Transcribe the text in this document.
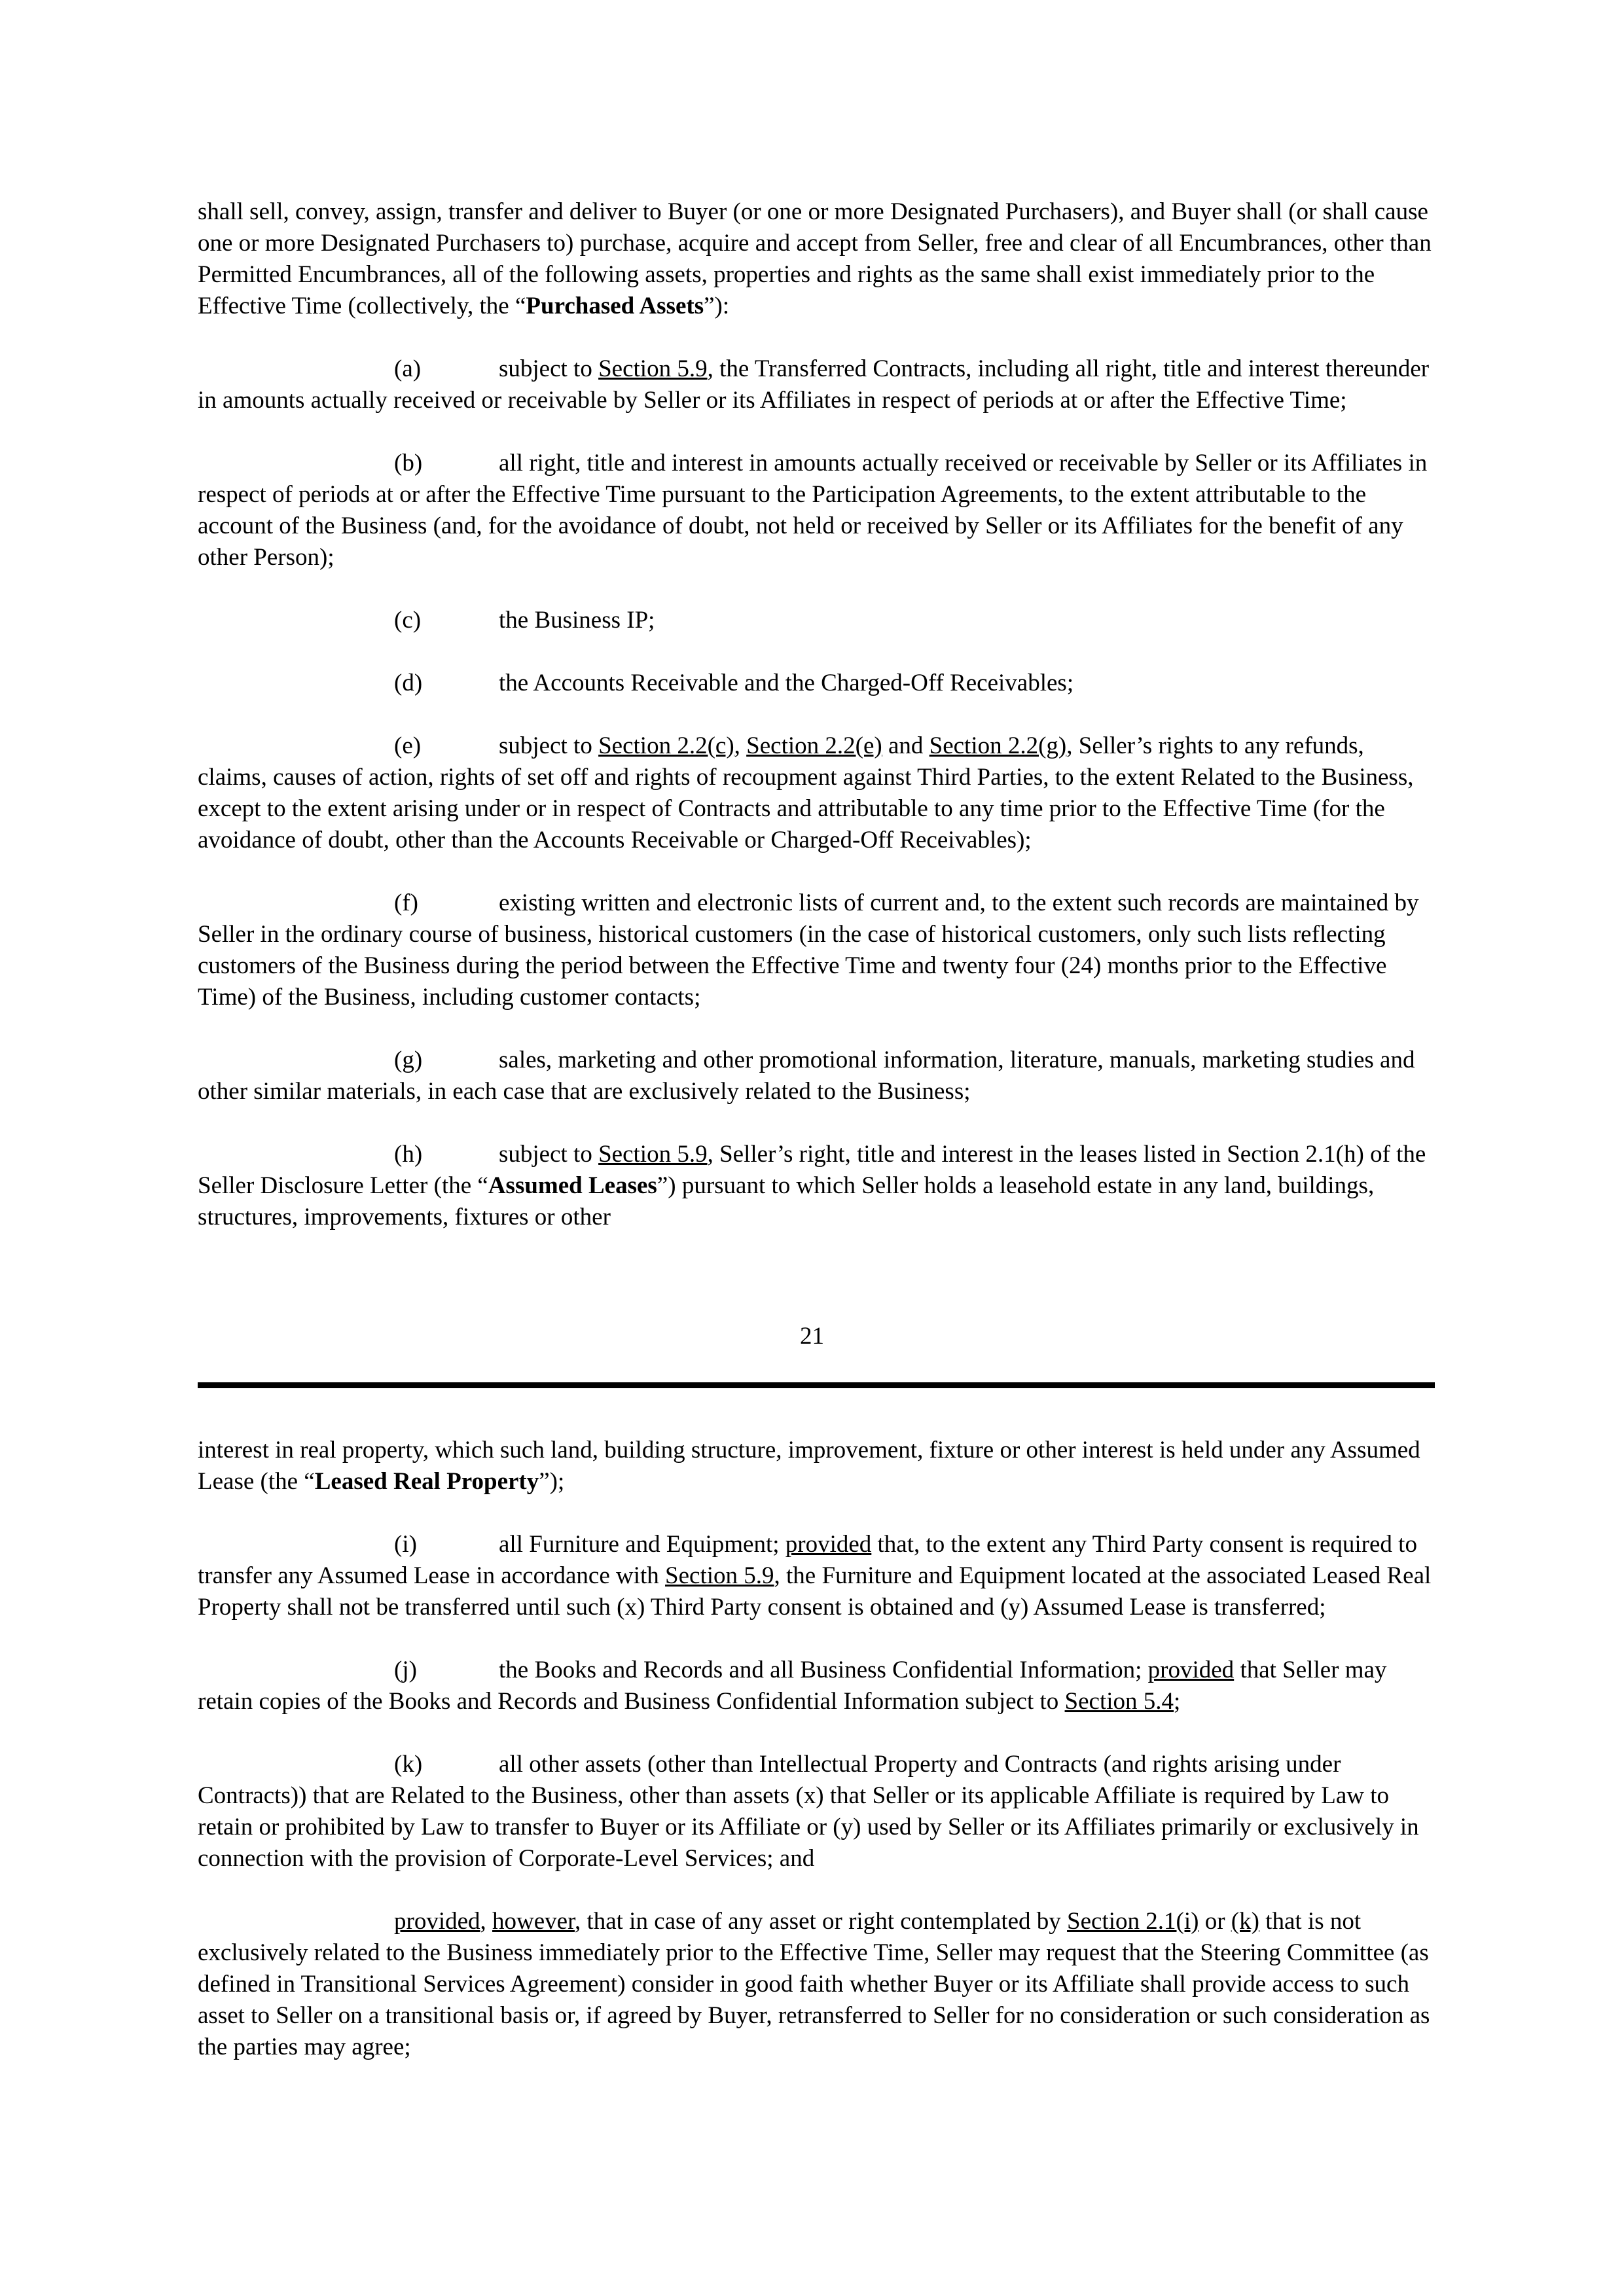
shall sell, convey, assign, transfer and deliver to Buyer (or one or more Designated Purchasers), and Buyer shall (or shall cause one or more Designated Purchasers to) purchase, acquire and accept from Seller, free and clear of all Encumbrances, other than Permitted Encumbrances, all of the following assets, properties and rights as the same shall exist immediately prior to the Effective Time (collectively, the “Purchased Assets”):

(a)	subject to Section 5.9, the Transferred Contracts, including all right, title and interest thereunder in amounts actually received or receivable by Seller or its Affiliates in respect of periods at or after the Effective Time;

(b)	all right, title and interest in amounts actually received or receivable by Seller or its Affiliates in respect of periods at or after the Effective Time pursuant to the Participation Agreements, to the extent attributable to the account of the Business (and, for the avoidance of doubt, not held or received by Seller or its Affiliates for the benefit of any other Person);

(c)	the Business IP;

(d)	the Accounts Receivable and the Charged-Off Receivables;

(e)	subject to Section 2.2(c), Section 2.2(e) and Section 2.2(g), Seller’s rights to any refunds, claims, causes of action, rights of set off and rights of recoupment against Third Parties, to the extent Related to the Business, except to the extent arising under or in respect of Contracts and attributable to any time prior to the Effective Time (for the avoidance of doubt, other than the Accounts Receivable or Charged-Off Receivables);

(f)	existing written and electronic lists of current and, to the extent such records are maintained by Seller in the ordinary course of business, historical customers (in the case of historical customers, only such lists reflecting customers of the Business during the period between the Effective Time and twenty four (24) months prior to the Effective Time) of the Business, including customer contacts;

(g)	sales, marketing and other promotional information, literature, manuals, marketing studies and other similar materials, in each case that are exclusively related to the Business;

(h)	subject to Section 5.9, Seller’s right, title and interest in the leases listed in Section 2.1(h) of the Seller Disclosure Letter (the “Assumed Leases”) pursuant to which Seller holds a leasehold estate in any land, buildings, structures, improvements, fixtures or other

21

interest in real property, which such land, building structure, improvement, fixture or other interest is held under any Assumed Lease (the “Leased Real Property”);

(i)	all Furniture and Equipment; provided that, to the extent any Third Party consent is required to transfer any Assumed Lease in accordance with Section 5.9, the Furniture and Equipment located at the associated Leased Real Property shall not be transferred until such (x) Third Party consent is obtained and (y) Assumed Lease is transferred;

(j)	the Books and Records and all Business Confidential Information; provided that Seller may retain copies of the Books and Records and Business Confidential Information subject to Section 5.4;

(k)	all other assets (other than Intellectual Property and Contracts (and rights arising under Contracts)) that are Related to the Business, other than assets (x) that Seller or its applicable Affiliate is required by Law to retain or prohibited by Law to transfer to Buyer or its Affiliate or (y) used by Seller or its Affiliates primarily or exclusively in connection with the provision of Corporate-Level Services; and

provided, however, that in case of any asset or right contemplated by Section 2.1(i) or (k) that is not exclusively related to the Business immediately prior to the Effective Time, Seller may request that the Steering Committee (as defined in Transitional Services Agreement) consider in good faith whether Buyer or its Affiliate shall provide access to such asset to Seller on a transitional basis or, if agreed by Buyer, retransferred to Seller for no consideration or such consideration as the parties may agree;
